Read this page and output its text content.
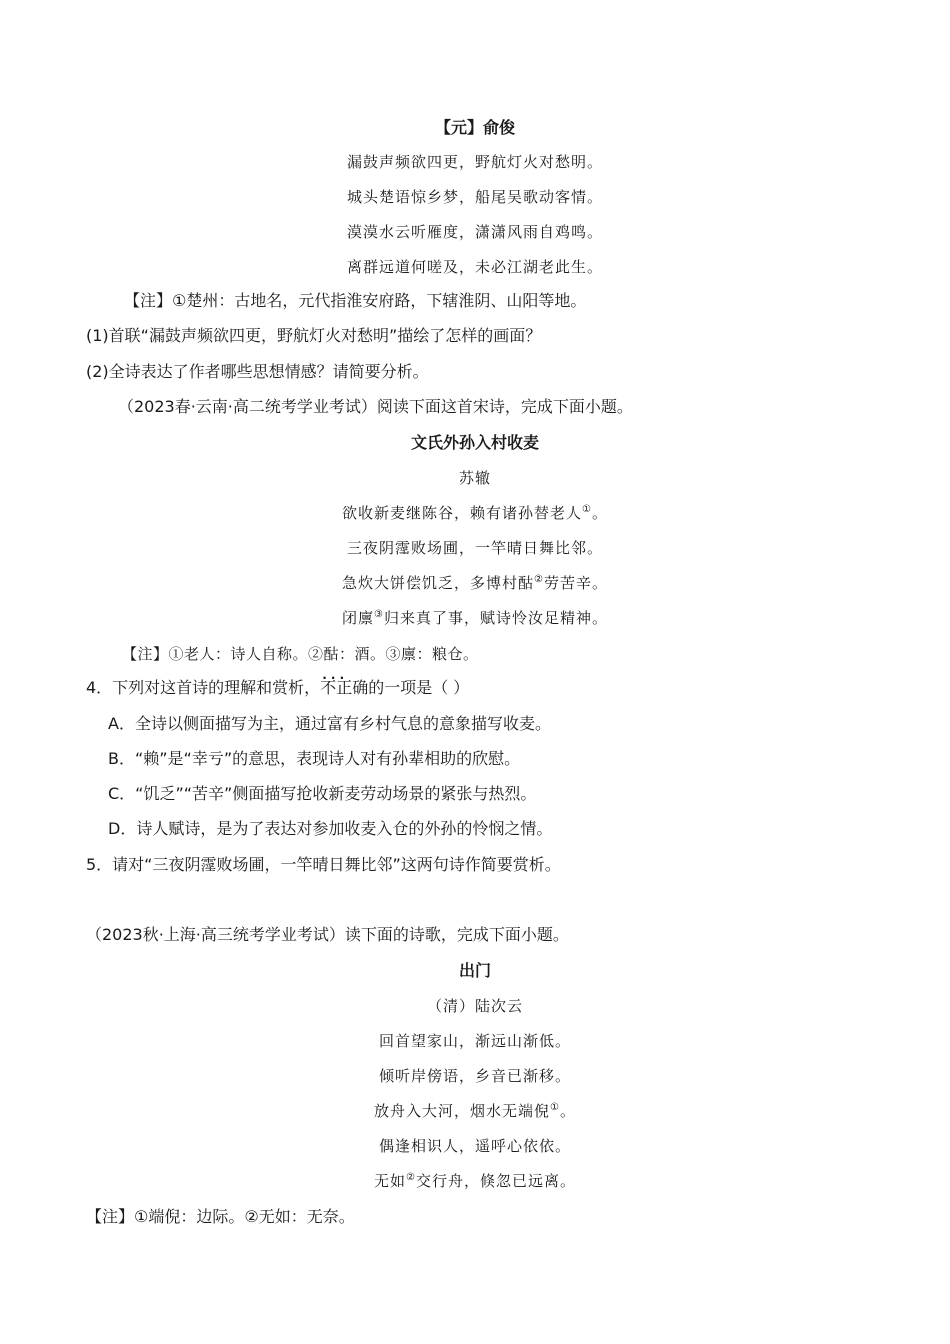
【元】俞俊
漏鼓声频欲四更，野航灯火对愁明。
城头楚语惊乡梦，船尾吴歌动客情。
漠漠水云听雁度，潇潇风雨自鸡鸣。
离群远道何嗟及，未必江湖老此生。
【注】①楚州：古地名，元代指淮安府路，下辖淮阴、山阳等地。
(1)首联“漏鼓声频欲四更，野航灯火对愁明”描绘了怎样的画面？
(2)全诗表达了作者哪些思想情感？请简要分析。
（2023春·云南·高二统考学业考试）阅读下面这首宋诗，完成下面小题。
文氏外孙入村收麦
苏辙
欲收新麦继陈谷，赖有诸孙替老人①。
三夜阴霪败场圃，一竿晴日舞比邻。
急炊大饼偿饥乏，多博村酤②劳苦辛。
闭廪③归来真了事，赋诗怜汝足精神。
【注】①老人：诗人自称。②酤：酒。③廪：粮仓。
4．下列对这首诗的理解和赏析，· · · 不正确的一项是（ ）
A．全诗以侧面描写为主，通过富有乡村气息的意象描写收麦。
B．“赖”是“幸亏”的意思，表现诗人对有孙辈相助的欣慰。
C．“饥乏”“苦辛”侧面描写抢收新麦劳动场景的紧张与热烈。
D．诗人赋诗，是为了表达对参加收麦入仓的外孙的怜悯之情。
5．请对“三夜阴霪败场圃，一竿晴日舞比邻”这两句诗作简要赏析。
（2023秋·上海·高三统考学业考试）读下面的诗歌，完成下面小题。
出门
（清）陆次云
回首望家山，渐远山渐低。
倾听岸傍语，乡音已渐移。
放舟入大河，烟水无端倪①。
偶逢相识人，遥呼心依依。
无如②交行舟，倏忽已远离。
【注】①端倪：边际。②无如：无奈。
